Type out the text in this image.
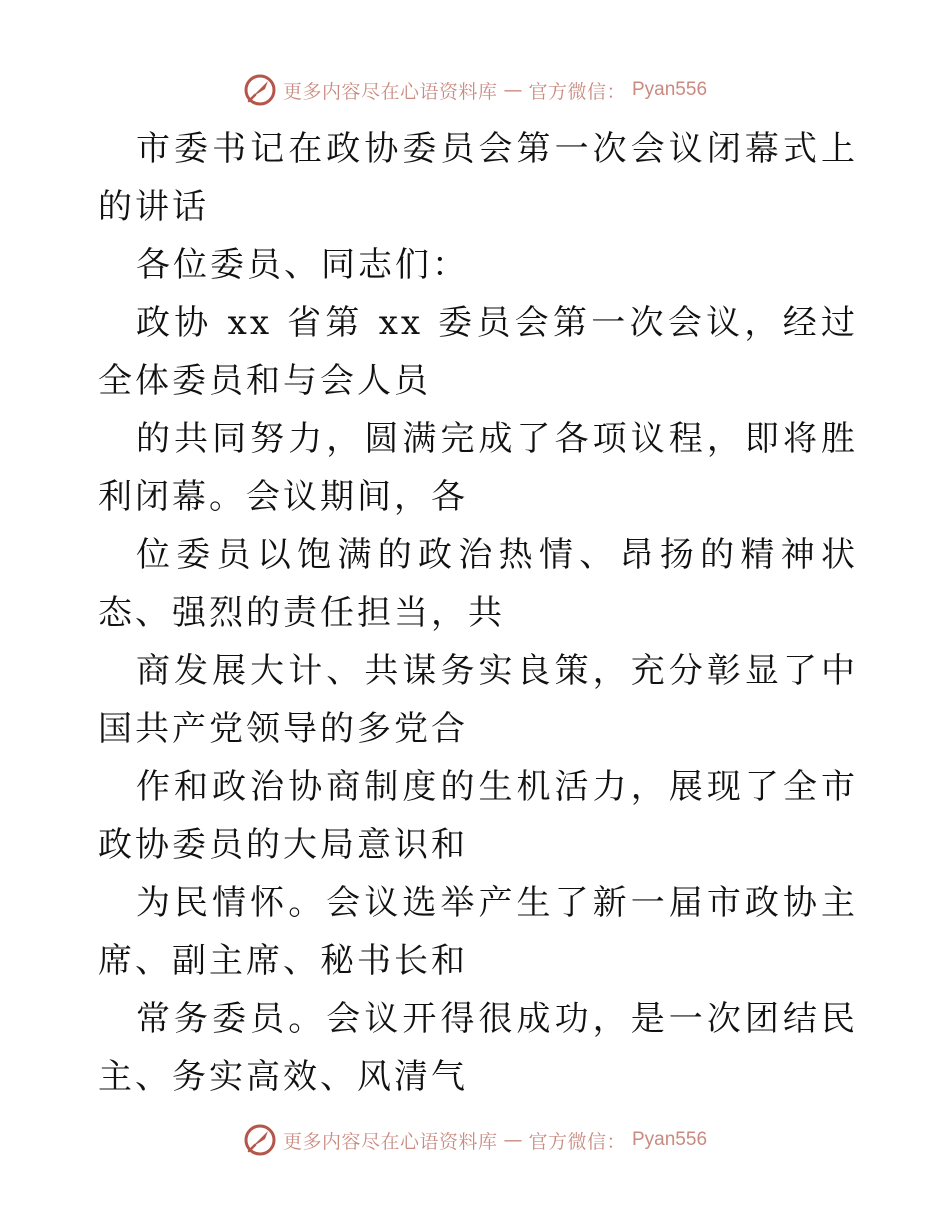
更多内容尽在心语资料库 — 官方微信： Pyan556

市委书记在政协委员会第一次会议闭幕式上的讲话

各位委员、同志们：

政协 xx 省第 xx 委员会第一次会议，经过全体委员和与会人员

的共同努力，圆满完成了各项议程，即将胜利闭幕。会议期间，各

位委员以饱满的政治热情、昂扬的精神状态、强烈的责任担当，共

商发展大计、共谋务实良策，充分彰显了中国共产党领导的多党合

作和政治协商制度的生机活力，展现了全市政协委员的大局意识和

为民情怀。会议选举产生了新一届市政协主席、副主席、秘书长和

常务委员。会议开得很成功，是一次团结民主、务实高效、风清气

更多内容尽在心语资料库 — 官方微信： Pyan556
